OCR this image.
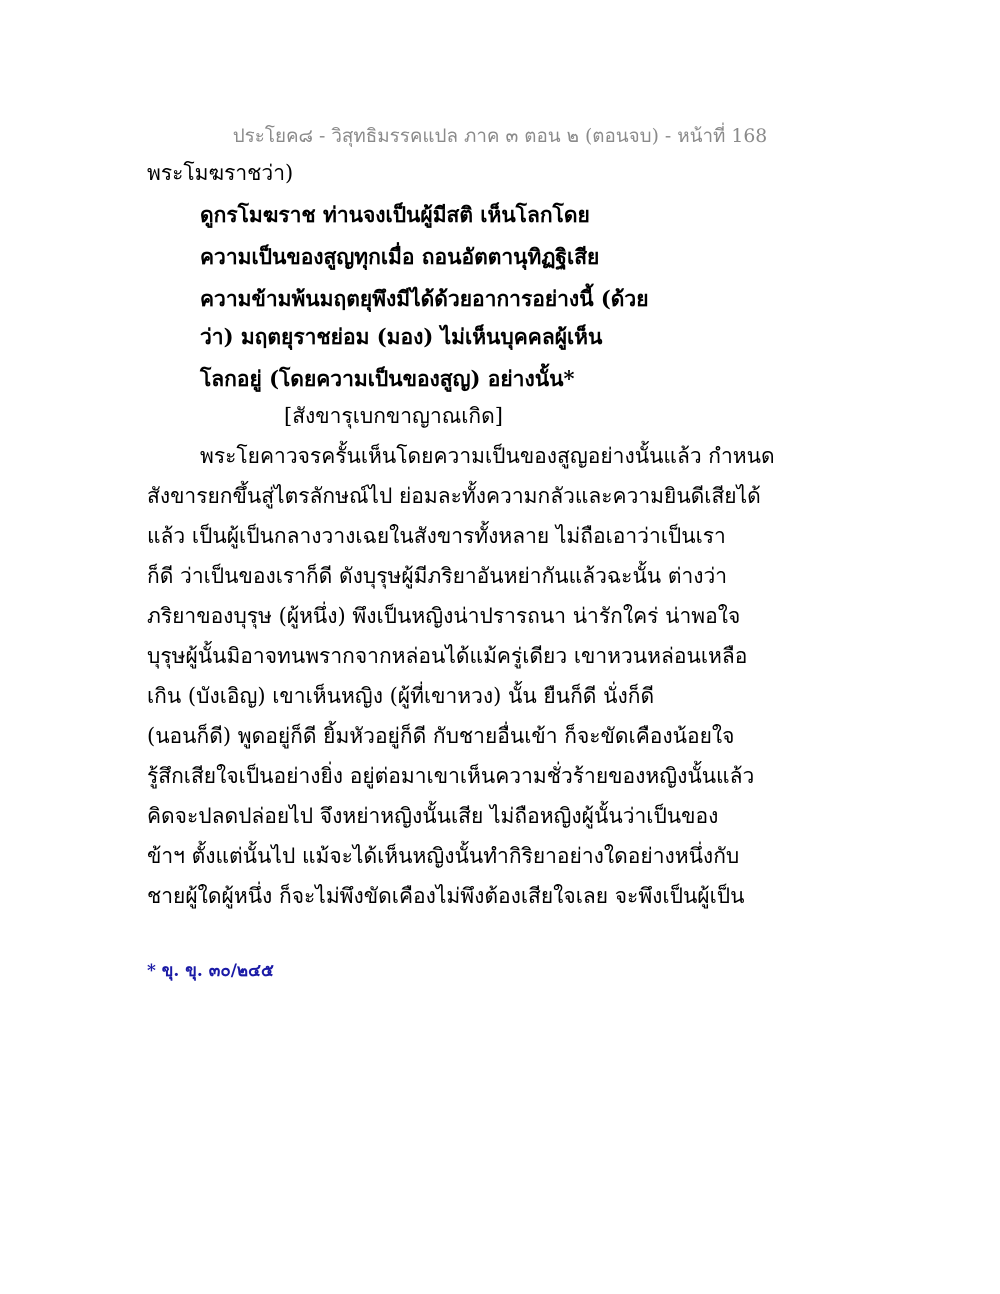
ประโยค๘ - วิสุทธิมรรคแปล ภาค ๓ ตอน ๒ (ตอนจบ) - หน้าที่ 168
พระโมฆราชว่า)
ดูกรโมฆราช ท่านจงเป็นผู้มีสติ เห็นโลกโดย
ความเป็นของสูญทุกเมื่อ ถอนอัตตานุทิฏฐิเสีย
ความข้ามพ้นมฤตยุพึงมีได้ด้วยอาการอย่างนี้ (ด้วย
ว่า) มฤตยุราชย่อม (มอง) ไม่เห็นบุคคลผู้เห็น
โลกอยู่ (โดยความเป็นของสูญ) อย่างนั้น*
[สังขารุเบกขาญาณเกิด]
พระโยคาวจรครั้นเห็นโดยความเป็นของสูญอย่างนั้นแล้ว กำหนด
สังขารยกขึ้นสู่ไตรลักษณ์ไป ย่อมละทั้งความกลัวและความยินดีเสียได้
แล้ว เป็นผู้เป็นกลางวางเฉยในสังขารทั้งหลาย ไม่ถือเอาว่าเป็นเรา
ก็ดี ว่าเป็นของเราก็ดี ดังบุรุษผู้มีภริยาอันหย่ากันแล้วฉะนั้น ต่างว่า
ภริยาของบุรุษ (ผู้หนึ่ง) พึงเป็นหญิงน่าปรารถนา น่ารักใคร่ น่าพอใจ
บุรุษผู้นั้นมิอาจทนพรากจากหล่อนได้แม้ครู่เดียว เขาหวนหล่อนเหลือ
เกิน (บังเอิญ) เขาเห็นหญิง (ผู้ที่เขาหวง) นั้น ยืนก็ดี นั่งก็ดี
(นอนก็ดี) พูดอยู่ก็ดี ยิ้มหัวอยู่ก็ดี กับชายอื่นเข้า ก็จะขัดเคืองน้อยใจ
รู้สึกเสียใจเป็นอย่างยิ่ง อยู่ต่อมาเขาเห็นความชั่วร้ายของหญิงนั้นแล้ว
คิดจะปลดปล่อยไป จึงหย่าหญิงนั้นเสีย ไม่ถือหญิงผู้นั้นว่าเป็นของ
ข้าฯ ตั้งแต่นั้นไป แม้จะได้เห็นหญิงนั้นทำกิริยาอย่างใดอย่างหนึ่งกับ
ชายผู้ใดผู้หนึ่ง ก็จะไม่พึงขัดเคืองไม่พึงต้องเสียใจเลย จะพึงเป็นผู้เป็น
* ขุ. ขุ. ๓๐/๒๔๕
